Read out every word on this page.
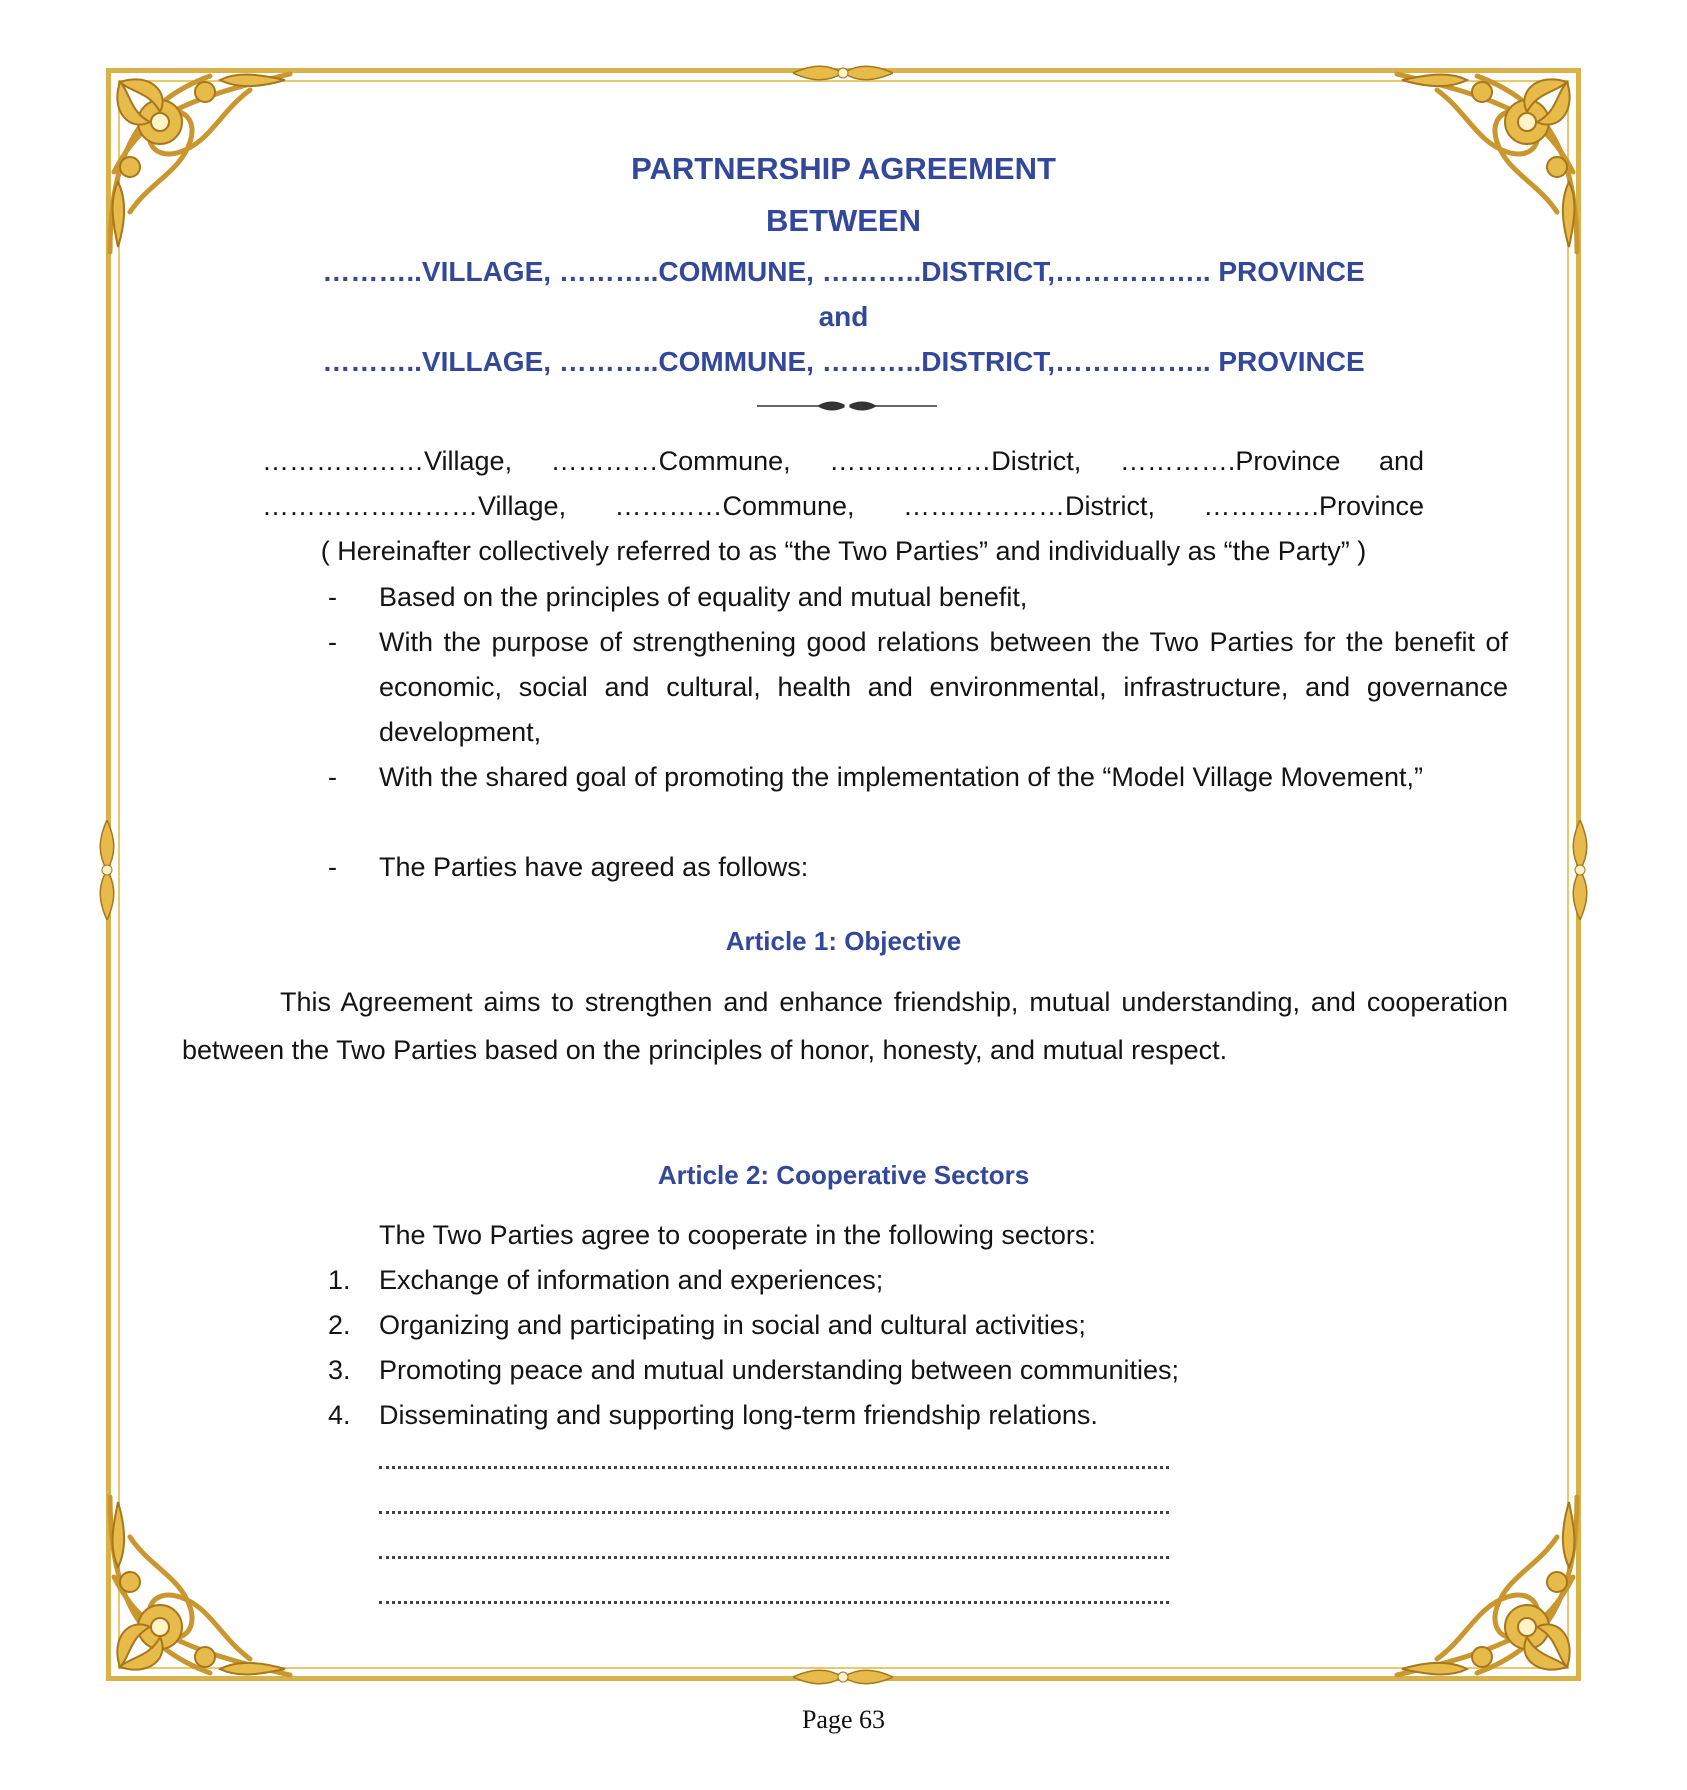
PARTNERSHIP AGREEMENT
BETWEEN
………..VILLAGE, ………..COMMUNE, ………..DISTRICT,…………….. PROVINCE
and
………..VILLAGE, ………..COMMUNE, ………..DISTRICT,…………….. PROVINCE
………………Village, …………Commune, ………………District, ………….Province and
……………………Village, …………Commune, ………………District, ………….Province
( Hereinafter collectively referred to as “the Two Parties” and individually as “the Party” )
-	Based on the principles of equality and mutual benefit,
-	With the purpose of strengthening good relations between the Two Parties for the benefit of economic, social and cultural, health and environmental, infrastructure, and governance development,
-	With the shared goal of promoting the implementation of the “Model Village Movement,”
-	The Parties have agreed as follows:
Article 1: Objective
This Agreement aims to strengthen and enhance friendship, mutual understanding, and cooperation between the Two Parties based on the principles of honor, honesty, and mutual respect.
Article 2: Cooperative Sectors
The Two Parties agree to cooperate in the following sectors:
1.	Exchange of information and experiences;
2.	Organizing and participating in social and cultural activities;
3.	Promoting peace and mutual understanding between communities;
4.	Disseminating and supporting long-term friendship relations.
Page 63
